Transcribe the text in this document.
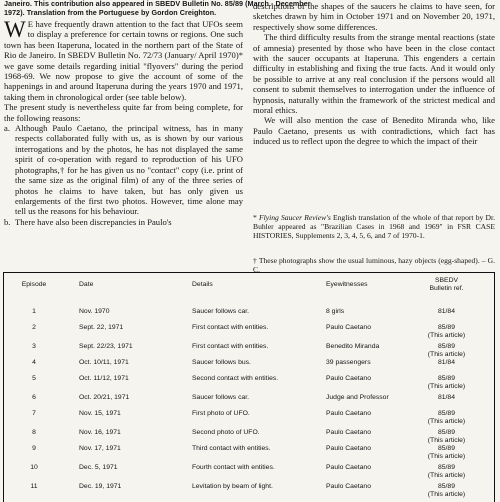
Janeiro. This contribution also appeared in SBEDV Bulletin No. 85/89 (March - December
1972). Translation from the Portuguese by Gordon Creighton.

W E have frequently drawn attention to the fact that UFOs seem to display a preference for certain towns or regions. One such town has been Itaperuna, located in the northern part of the State of Rio de Janeiro. In SBEDV Bulletin No. 72/73 (January/ April 1970)* we gave some details regarding initial "flyovers" during the period 1968-69. We now propose to give the account of some of the happenings in and around Itaperuna during the years 1970 and 1971, taking them in chronological order (see table below).

The present study is nevertheless quite far from being complete, for the following reasons:

a. Although Paulo Caetano, the principal witness, has in many respects collaborated fully with us, as is shown by our various interrogations and by the photos, he has not displayed the same spirit of co-operation with regard to reproduction of his UFO photographs,† for he has given us no "contact" copy (i.e. print of the same size as the original film) of any of the three series of photos he claims to have taken, but has only given us enlargements of the first two photos. However, time alone may tell us the reasons for his behaviour.
b. There have also been discrepancies in Paulo's

descriptions of the shapes of the saucers he claims to have seen, for sketches drawn by him in October 1971 and on November 20, 1971, respectively show some differences.

The third difficulty results from the strange mental reactions (state of amnesia) presented by those who have been in the close contact with the saucer occupants at Itaperuna. This engenders a certain difficulty in establishing and fixing the true facts. And it would only be possible to arrive at any real conclusion if the persons would all consent to submit themselves to interrogation under the influence of hypnosis, naturally within the framework of the strictest medical and moral ethics.

We will also mention the case of Benedito Miranda who, like Paulo Caetano, presents us with contradictions, which fact has induced us to reflect upon the degree to which the impact of their

* Flying Saucer Review's English translation of the whole of that report by Dr. Buhler appeared as "Brazilian Cases in 1968 and 1969" in FSR CASE HISTORIES, Supplements 2, 3, 4, 5, 6, and 7 of 1970-1.
† These photographs show the usual luminous, hazy objects (egg-shaped). – G. C.
Episode	Date	Details	Eyewitnesses
SBEDV
Bulletin ref.
1	Nov. 1970	Saucer follows car.	8 girls	81/84
2	Sept. 22, 1971	First contact with entities.	Paulo Caetano	85/89
(This article)
3	Sept. 22/23, 1971	First contact with entities.	Benedito Miranda	85/89
(This article)
4	Oct. 10/11, 1971	Saucer follows bus.	39 passengers	81/84
5	Oct. 11/12, 1971	Second contact with entities.	Paulo Caetano	85/89
(This article)
6	Oct. 20/21, 1971	Saucer follows car.	Judge and Professor	81/84
7	Nov. 15, 1971	First photo of UFO.	Paulo Caetano	85/89
(This article)
8	Nov. 16, 1971	Second photo of UFO.	Paulo Caetano	85/89
(This article)
9	Nov. 17, 1971	Third contact with entities.	Paulo Caetano	85/89
(This article)
10	Dec. 5, 1971	Fourth contact with entities.	Paulo Caetano	85/89
(This article)
11	Dec. 19, 1971	Levitation by beam of light.	Paulo Caetano	85/89
(This article)
